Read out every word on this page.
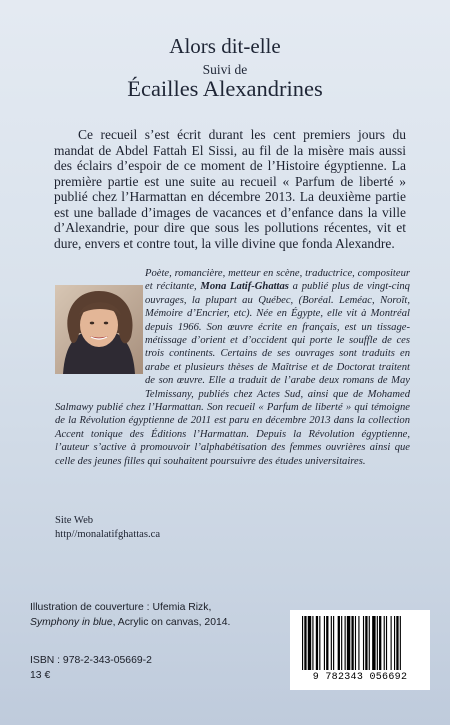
Alors dit-elle
Suivi de
Écailles Alexandrines
Ce recueil s’est écrit durant les cent premiers jours du mandat de Abdel Fattah El Sissi, au fil de la misère mais aussi des éclairs d’espoir de ce moment de l’Histoire égyptienne. La première partie est une suite au recueil « Parfum de liberté » publié chez l’Harmattan en décembre 2013. La deuxième partie est une ballade d’images de vacances et d’enfance dans la ville d’Alexandrie, pour dire que sous les pollutions récentes, vit et dure, envers et contre tout, la ville divine que fonda Alexandre.
Poète, romancière, metteur en scène, traductrice, compositeur et récitante, Mona Latif-Ghattas a publié plus de vingt-cinq ouvrages, la plupart au Québec, (Boréal. Leméac, Noroît, Mémoire d’Encrier, etc). Née en Égypte, elle vit à Montréal depuis 1966. Son œuvre écrite en français, est un tissage-métissage d’orient et d’occident qui porte le souffle de ces trois continents. Certains de ses ouvrages sont traduits en arabe et plusieurs thèses de Maîtrise et de Doctorat traitent de son œuvre. Elle a traduit de l’arabe deux romans de May Telmissany, publiés chez Actes Sud, ainsi que de Mohamed Salmawy publié chez l’Harmattan. Son recueil « Parfum de liberté » qui témoigne de la Révolution égyptienne de 2011 est paru en décembre 2013 dans la collection Accent tonique des Éditions l’Harmattan. Depuis la Révolution égyptienne, l’auteur s’active à promouvoir l’alphabétisation des femmes ouvrières ainsi que celle des jeunes filles qui souhaitent poursuivre des études universitaires.
Site Web
http//monalatifghattas.ca
Illustration de couverture : Ufemia Rizk,
Symphony in blue, Acrylic on canvas, 2014.
ISBN : 978-2-343-05669-2
13 €	9 782343 056692
